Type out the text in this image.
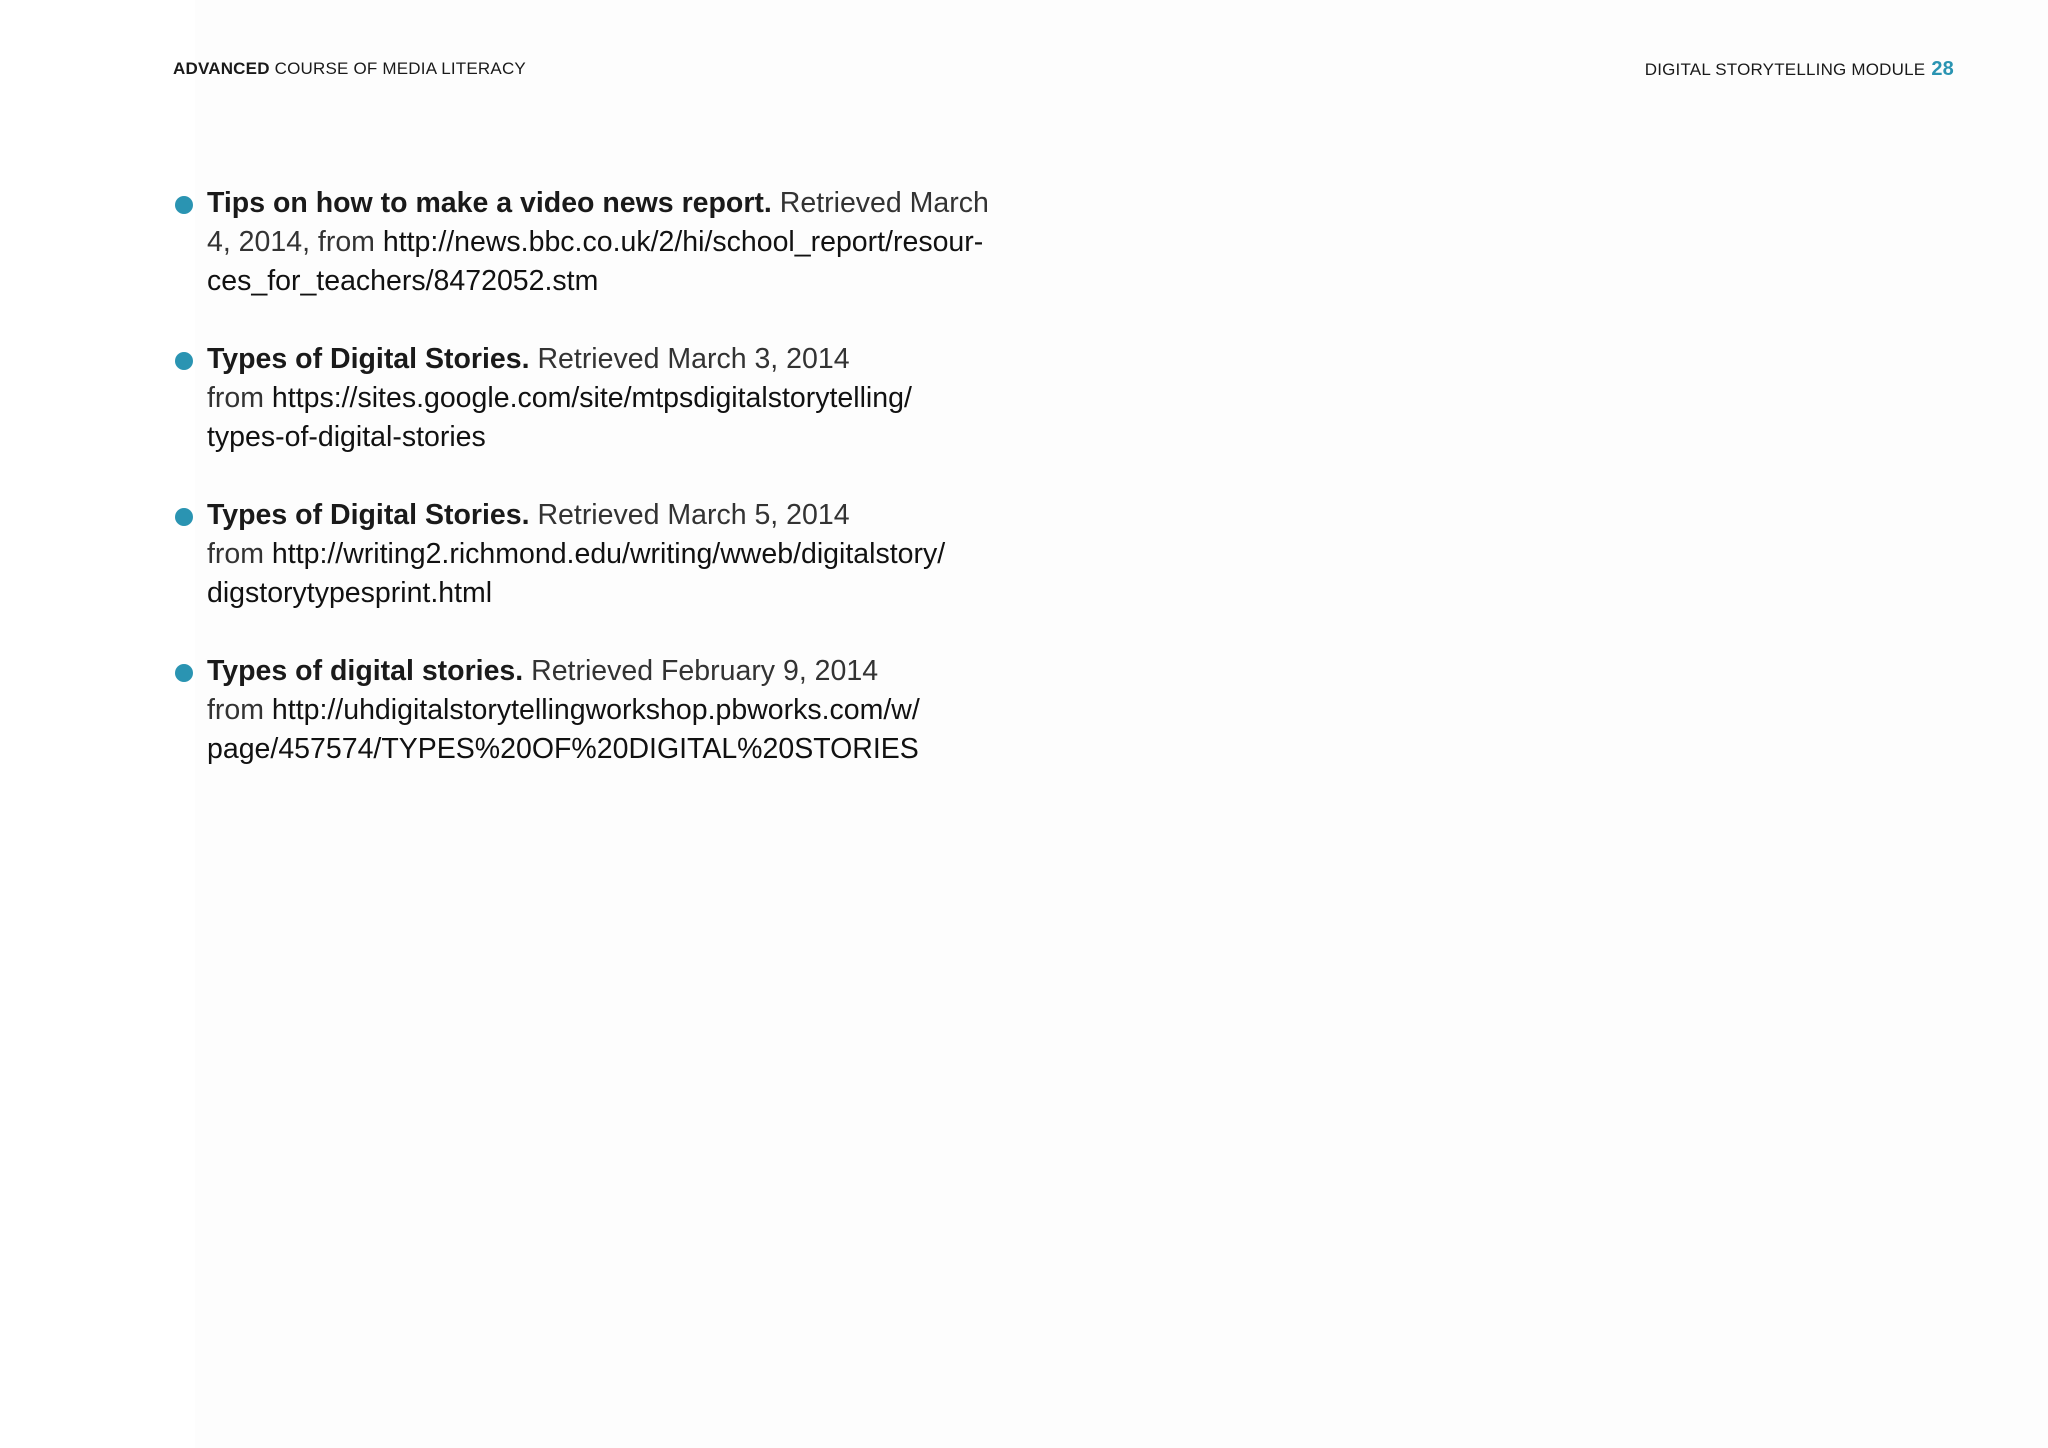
ADVANCED COURSE OF MEDIA LITERACY	DIGITAL STORYTELLING MODULE 28
Tips on how to make a video news report. Retrieved March
4, 2014, from http://news.bbc.co.uk/2/hi/school_report/resour-
ces_for_teachers/8472052.stm
Types of Digital Stories. Retrieved March 3, 2014
from https://sites.google.com/site/mtpsdigitalstorytelling/
types-of-digital-stories
Types of Digital Stories. Retrieved March 5, 2014
from http://writing2.richmond.edu/writing/wweb/digitalstory/
digstorytypesprint.html
Types of digital stories. Retrieved February 9, 2014
from http://uhdigitalstorytellingworkshop.pbworks.com/w/
page/457574/TYPES%20OF%20DIGITAL%20STORIES
